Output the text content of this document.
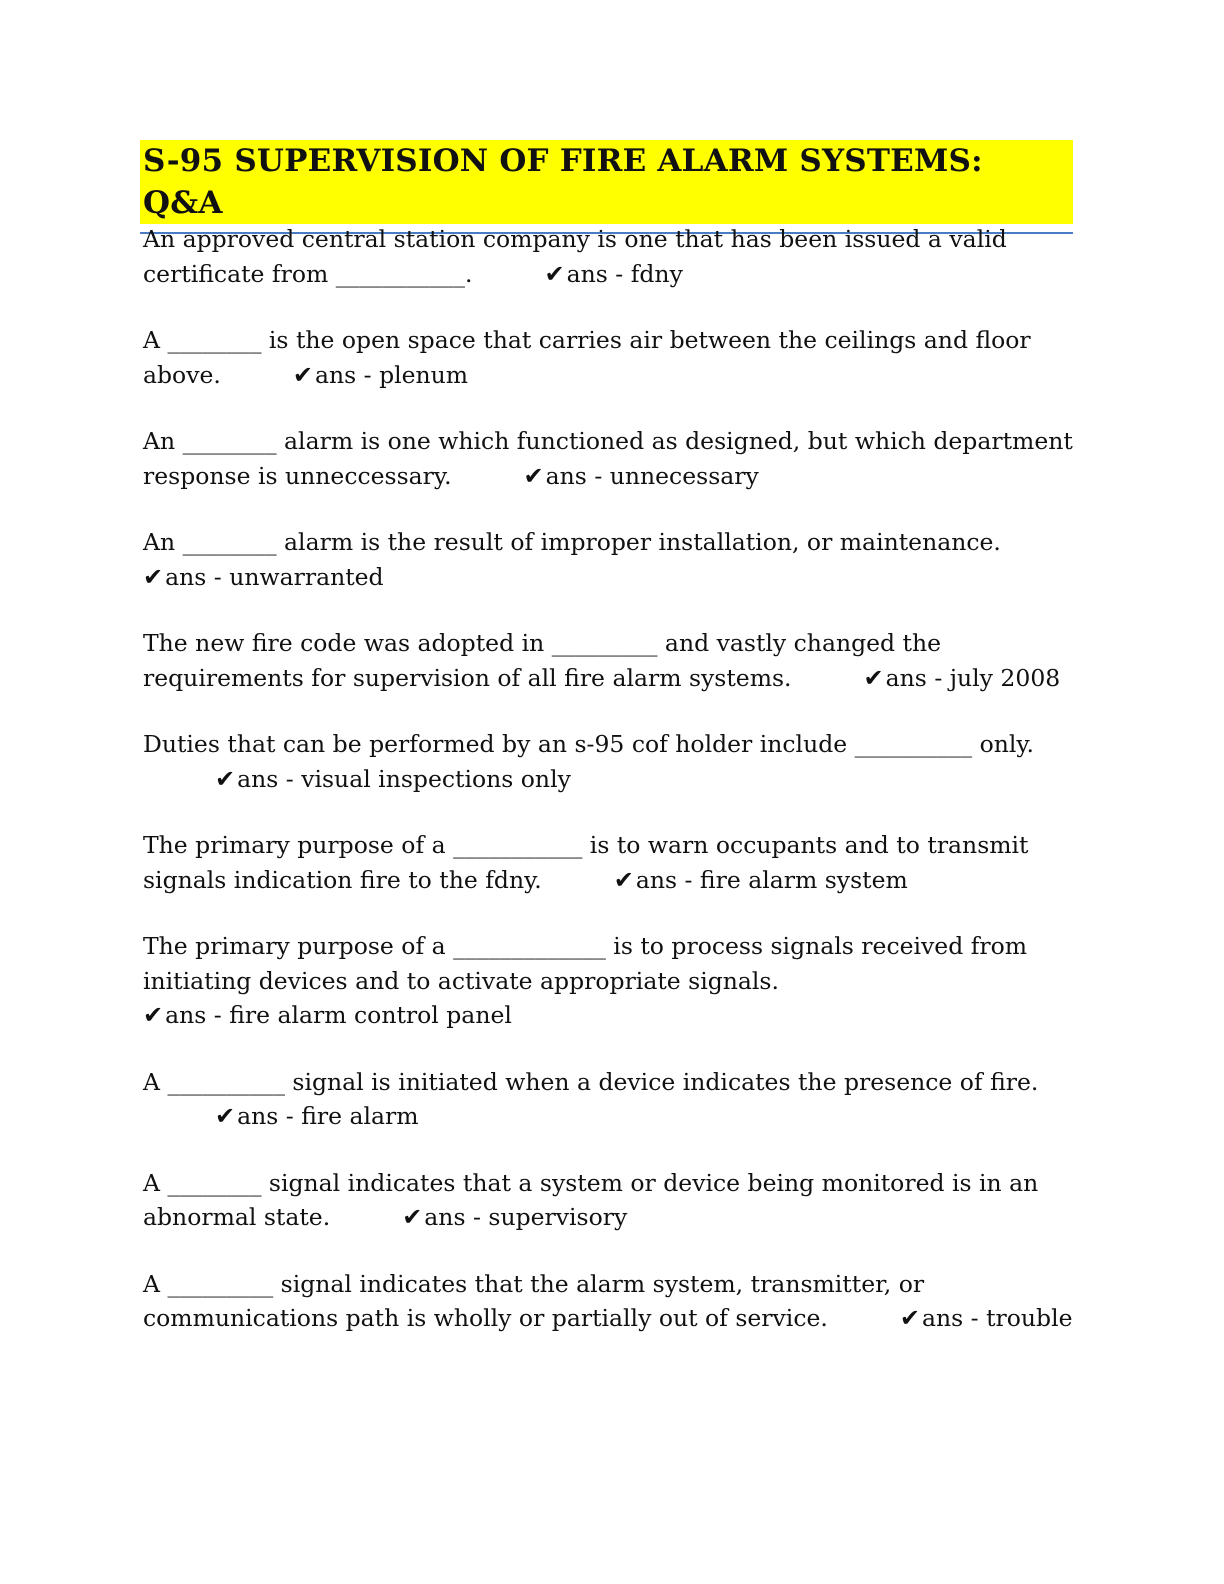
S-95 SUPERVISION OF FIRE ALARM SYSTEMS: Q&A
An approved central station company is one that has been issued a valid certificate from ___________.	✔ans - fdny
A ________ is the open space that carries air between the ceilings and floor above.	✔ans - plenum
An ________ alarm is one which functioned as designed, but which department response is unneccessary.	✔ans - unnecessary
An ________ alarm is the result of improper installation, or maintenance.✔ans - unwarranted
The new fire code was adopted in _________ and vastly changed the requirements for supervision of all fire alarm systems.	✔ans - july 2008
Duties that can be performed by an s-95 cof holder include __________ only.✔ans - visual inspections only
The primary purpose of a ___________ is to warn occupants and to transmit signals indication fire to the fdny.	✔ans - fire alarm system
The primary purpose of a _____________ is to process signals received from initiating devices and to activate appropriate signals.✔ans - fire alarm control panel
A __________ signal is initiated when a device indicates the presence of fire.✔ans - fire alarm
A ________ signal indicates that a system or device being monitored is in an abnormal state.	✔ans - supervisory
A _________ signal indicates that the alarm system, transmitter, or communications path is wholly or partially out of service.	✔ans - trouble
